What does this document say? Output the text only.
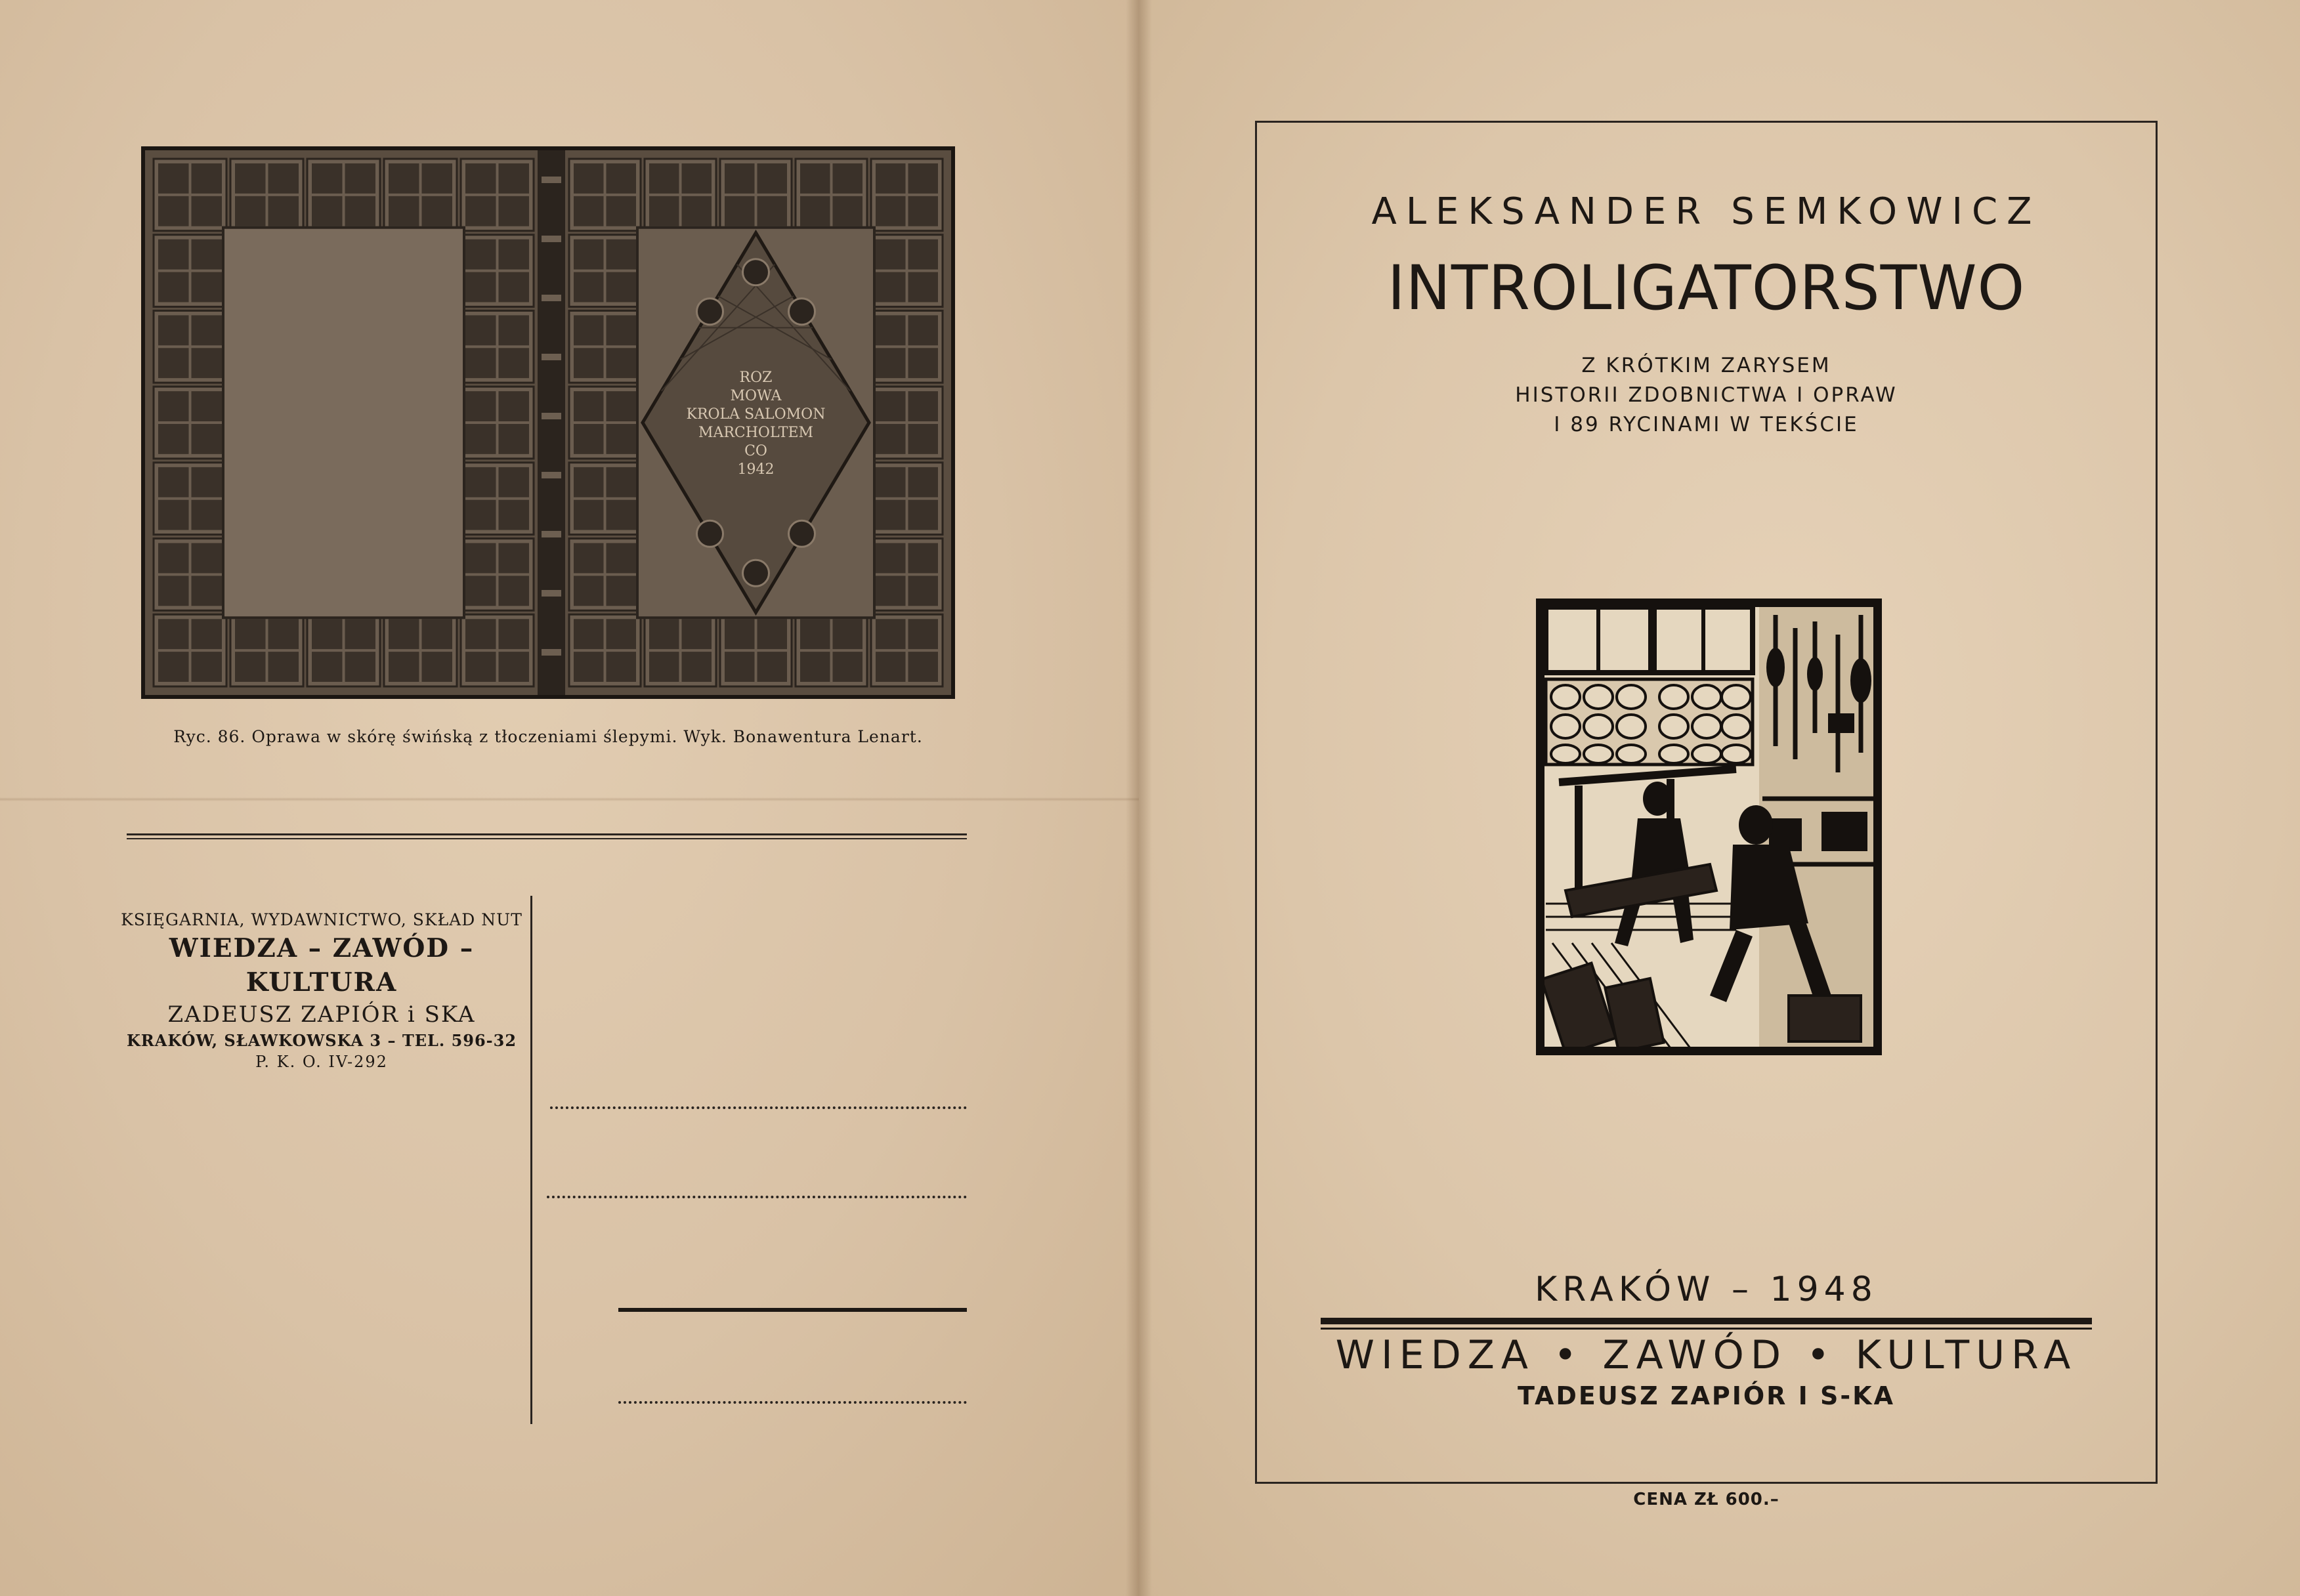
ROZ
MOWA
KROLA SALOMON
MARCHOLTEM
CO
1942
Ryc. 86. Oprawa w skórę świńską z tłoczeniami ślepymi. Wyk. Bonawentura Lenart.
KSIĘGARNIA, WYDAWNICTWO, SKŁAD NUT
WIEDZA – ZAWÓD – KULTURA
ZADEUSZ ZAPIÓR i SKA
KRAKÓW, SŁAWKOWSKA 3 – TEL. 596-32
P. K. O. IV-292
ALEKSANDER SEMKOWICZ
INTROLIGATORSTWO
Z KRÓTKIM ZARYSEM
HISTORII ZDOBNICTWA I OPRAW
I 89 RYCINAMI W TEKŚCIE
KRAKÓW – 1948
WIEDZA • ZAWÓD • KULTURA
TADEUSZ ZAPIÓR I S-KA
CENA ZŁ 600.–
